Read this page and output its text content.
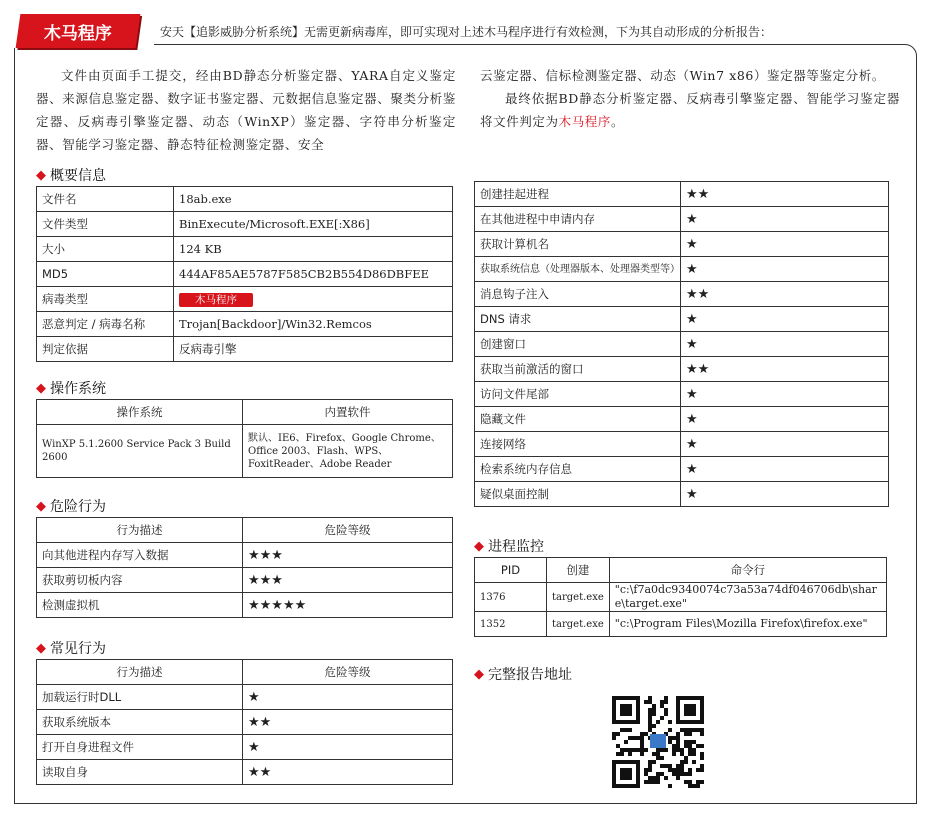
木马程序	安天【追影威胁分析系统】无需更新病毒库，即可实现对上述木马程序进行有效检测，下为其自动形成的分析报告：
文件由页面手工提交，经由BD静态分析鉴定器、YARA自定义鉴定器、来源信息鉴定器、数字证书鉴定器、元数据信息鉴定器、聚类分析鉴定器、反病毒引擎鉴定器、动态（WinXP）鉴定器、字符串分析鉴定器、智能学习鉴定器、静态特征检测鉴定器、安全
云鉴定器、信标检测鉴定器、动态（Win7 x86）鉴定器等鉴定分析。
最终依据BD静态分析鉴定器、反病毒引擎鉴定器、智能学习鉴定器将文件判定为木马程序。
◆ 概要信息
文件名	18ab.exe
文件类型	BinExecute/Microsoft.EXE[:X86]
大小	124 KB
MD5	444AF85AE5787F585CB2B554D86DBFEE
病毒类型	木马程序
恶意判定 / 病毒名称	Trojan[Backdoor]/Win32.Remcos
判定依据	反病毒引擎
◆ 操作系统
操作系统	内置软件
WinXP 5.1.2600 Service Pack 3 Build 2600	默认、IE6、Firefox、Google Chrome、Office 2003、Flash、WPS、FoxitReader、Adobe Reader
◆ 危险行为
行为描述	危险等级
向其他进程内存写入数据	★★★
获取剪切板内容	★★★
检测虚拟机	★★★★★
◆ 常见行为
行为描述	危险等级
加载运行时DLL	★
获取系统版本	★★
打开自身进程文件	★
读取自身	★★
创建挂起进程	★★
在其他进程中申请内存	★
获取计算机名	★
获取系统信息（处理器版本、处理器类型等）	★
消息钩子注入	★★
DNS 请求	★
创建窗口	★
获取当前激活的窗口	★★
访问文件尾部	★
隐藏文件	★
连接网络	★
检索系统内存信息	★
疑似桌面控制	★
◆ 进程监控
PID	创建	命令行
1376	target.exe	"c:\f7a0dc9340074c73a53a74df046706db\share\target.exe"
1352	target.exe	"c:\Program Files\Mozilla Firefox\firefox.exe"
◆ 完整报告地址
